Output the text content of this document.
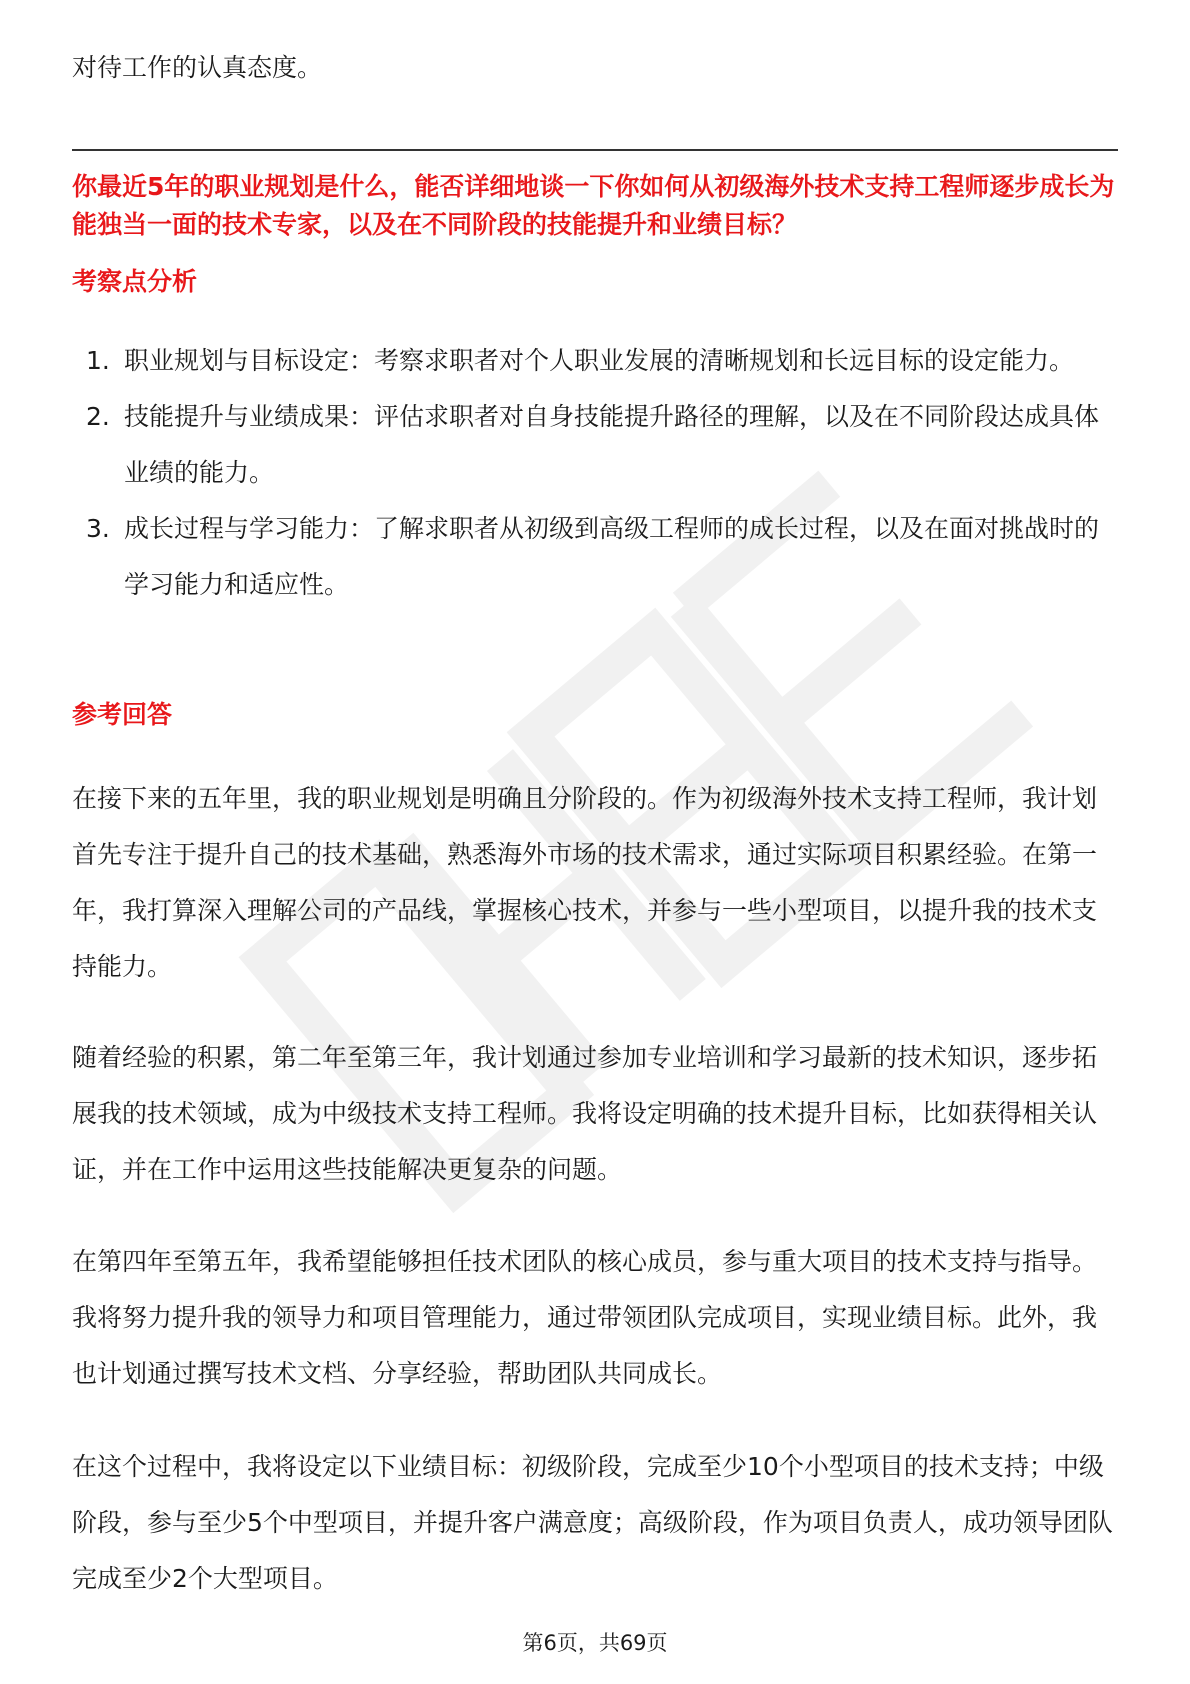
对待工作的认真态度。

你最近5年的职业规划是什么，能否详细地谈一下你如何从初级海外技术支持工程师逐步成长为能独当一面的技术专家，以及在不同阶段的技能提升和业绩目标？

考察点分析
1. 职业规划与目标设定：考察求职者对个人职业发展的清晰规划和长远目标的设定能力。
2. 技能提升与业绩成果：评估求职者对自身技能提升路径的理解，以及在不同阶段达成具体业绩的能力。
3. 成长过程与学习能力：了解求职者从初级到高级工程师的成长过程，以及在面对挑战时的学习能力和适应性。
参考回答

在接下来的五年里，我的职业规划是明确且分阶段的。作为初级海外技术支持工程师，我计划首先专注于提升自己的技术基础，熟悉海外市场的技术需求，通过实际项目积累经验。在第一年，我打算深入理解公司的产品线，掌握核心技术，并参与一些小型项目，以提升我的技术支持能力。

随着经验的积累，第二年至第三年，我计划通过参加专业培训和学习最新的技术知识，逐步拓展我的技术领域，成为中级技术支持工程师。我将设定明确的技术提升目标，比如获得相关认证，并在工作中运用这些技能解决更复杂的问题。

在第四年至第五年，我希望能够担任技术团队的核心成员，参与重大项目的技术支持与指导。我将努力提升我的领导力和项目管理能力，通过带领团队完成项目，实现业绩目标。此外，我也计划通过撰写技术文档、分享经验，帮助团队共同成长。

在这个过程中，我将设定以下业绩目标：初级阶段，完成至少10个小型项目的技术支持；中级阶段，参与至少5个中型项目，并提升客户满意度；高级阶段，作为项目负责人，成功领导团队完成至少2个大型项目。

第6页，共69页
